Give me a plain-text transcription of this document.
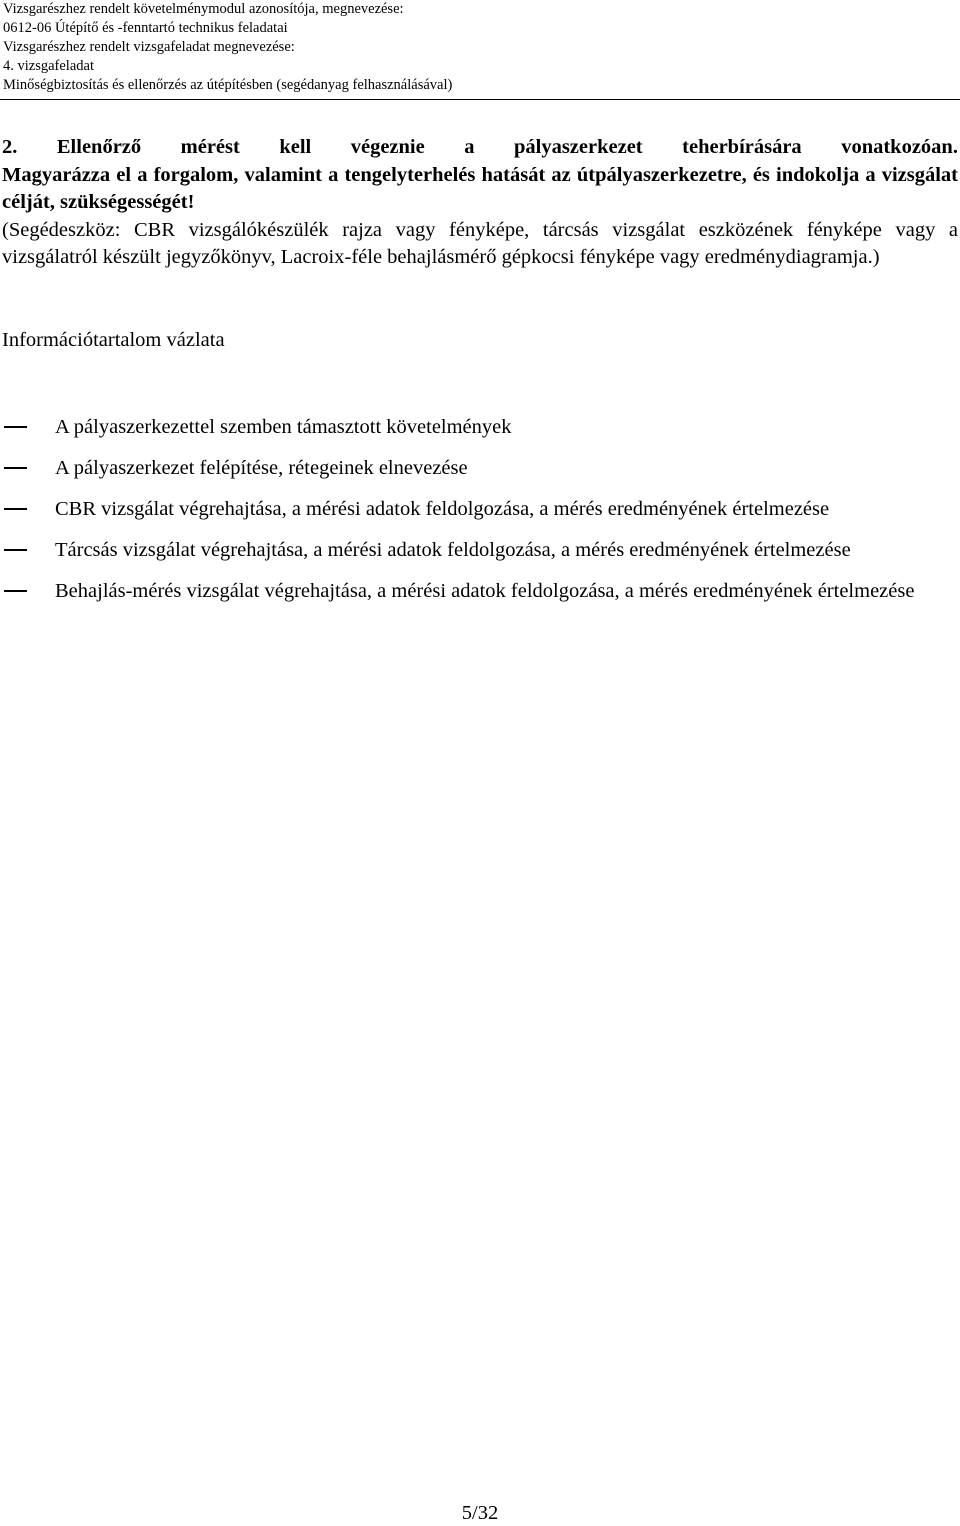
Vizsgarészhez rendelt követelménymodul azonosítója, megnevezése:

0612-06 Útépítő és -fenntartó technikus feladatai

Vizsgarészhez rendelt vizsgafeladat megnevezése:

4. vizsgafeladat

Minőségbiztosítás és ellenőrzés az útépítésben (segédanyag felhasználásával)

2. Ellenőrző mérést kell végeznie a pályaszerkezet teherbírására vonatkozóan.

Magyarázza el a forgalom, valamint a tengelyterhelés hatását az útpályaszerkezetre, és indokolja a vizsgálat célját, szükségességét!

(Segédeszköz: CBR vizsgálókészülék rajza vagy fényképe, tárcsás vizsgálat eszközének fényképe vagy a vizsgálatról készült jegyzőkönyv, Lacroix-féle behajlásmérő gépkocsi fényképe vagy eredménydiagramja.)

Információtartalom vázlata

A pályaszerkezettel szemben támasztott követelmények
A pályaszerkezet felépítése, rétegeinek elnevezése
CBR vizsgálat végrehajtása, a mérési adatok feldolgozása, a mérés eredményének értelmezése
Tárcsás vizsgálat végrehajtása, a mérési adatok feldolgozása, a mérés eredményének értelmezése
Behajlás-mérés vizsgálat végrehajtása, a mérési adatok feldolgozása, a mérés eredményének értelmezése
5/32
